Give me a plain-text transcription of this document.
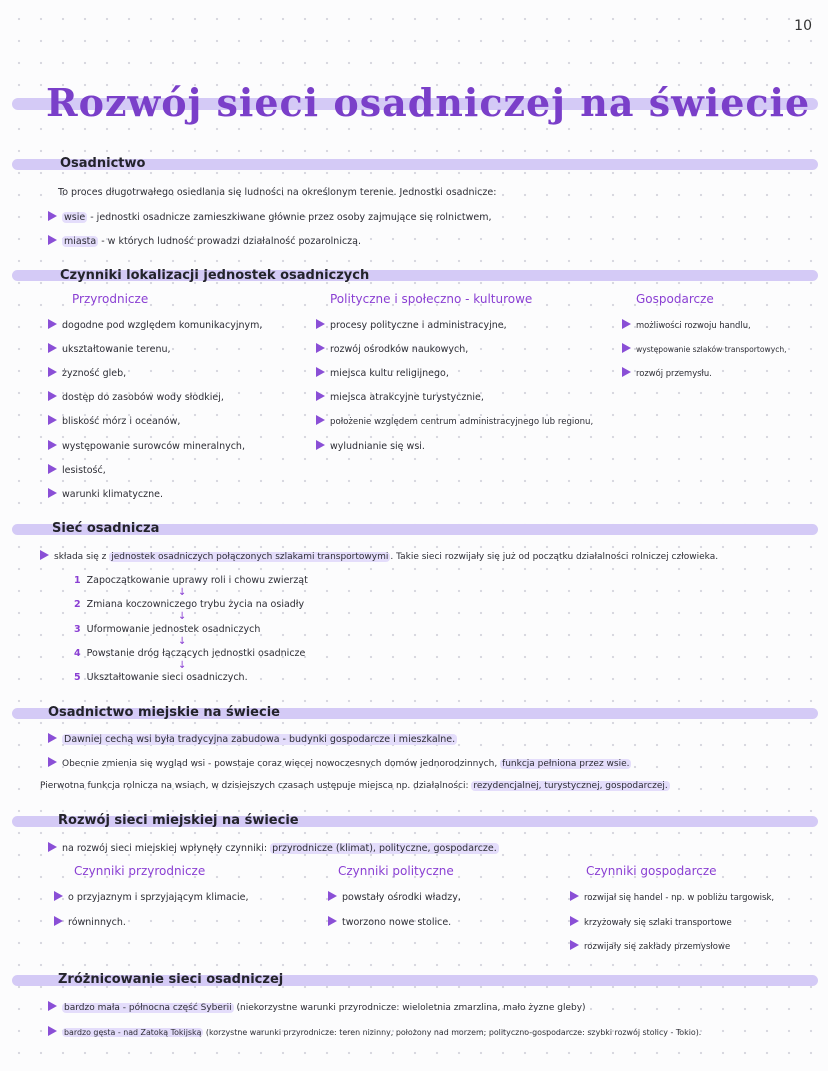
10
Rozwój sieci osadniczej na świecie
Osadnictwo
To proces długotrwałego osiedlania się ludności na określonym terenie. Jednostki osadnicze:
wsie - jednostki osadnicze zamieszkiwane głównie przez osoby zajmujące się rolnictwem,
miasta - w których ludność prowadzi działalność pozarolniczą.
Czynniki lokalizacji jednostek osadniczych
Przyrodnicze
dogodne pod względem komunikacyjnym,
ukształtowanie terenu,
żyzność gleb,
dostęp do zasobów wody słodkiej,
bliskość mórz i oceanów,
występowanie surowców mineralnych,
lesistość,
warunki klimatyczne.
Polityczne i społeczno - kulturowe
procesy polityczne i administracyjne,
rozwój ośrodków naukowych,
miejsca kultu religijnego,
miejsca atrakcyjne turystycznie,
położenie względem centrum administracyjnego lub regionu,
wyludnianie się wsi.
Gospodarcze
możliwości rozwoju handlu,
występowanie szlaków transportowych,
rozwój przemysłu.
Sieć osadnicza
składa się z jednostek osadniczych połączonych szlakami transportowymi . Takie sieci rozwijały się już od początku działalności rolniczej człowieka.
1 Zapoczątkowanie uprawy roli i chowu zwierząt
↓
2 Zmiana koczowniczego trybu życia na osiadły
↓
3 Uformowanie jednostek osadniczych
↓
4 Powstanie dróg łączących jednostki osadnicze
↓
5 Ukształtowanie sieci osadniczych.
Osadnictwo miejskie na świecie
Dawniej cechą wsi była tradycyjna zabudowa - budynki gospodarcze i mieszkalne.
Obecnie zmienia się wygląd wsi - powstaje coraz więcej nowoczesnych domów jednorodzinnych, funkcja pełniona przez wsie.
Pierwotna funkcja rolnicza na wsiach, w dzisiejszych czasach ustępuje miejsca np. działalności: rezydencjalnej, turystycznej, gospodarczej.
Rozwój sieci miejskiej na świecie
na rozwój sieci miejskiej wpłynęły czynniki: przyrodnicze (klimat), polityczne, gospodarcze.
Czynniki przyrodnicze
o przyjaznym i sprzyjającym klimacie,
równinnych.
Czynniki polityczne
powstały ośrodki władzy,
tworzono nowe stolice.
Czynniki gospodarcze
rozwijał się handel - np. w pobliżu targowisk,
krzyżowały się szlaki transportowe
rozwijały się zakłady przemysłowe
Zróżnicowanie sieci osadniczej
bardzo mała - północna część Syberii (niekorzystne warunki przyrodnicze: wieloletnia zmarzlina, mało żyzne gleby)
bardzo gęsta - nad Zatoką Tokijską (korzystne warunki przyrodnicze: teren nizinny, położony nad morzem; polityczno-gospodarcze: szybki rozwój stolicy - Tokio).
